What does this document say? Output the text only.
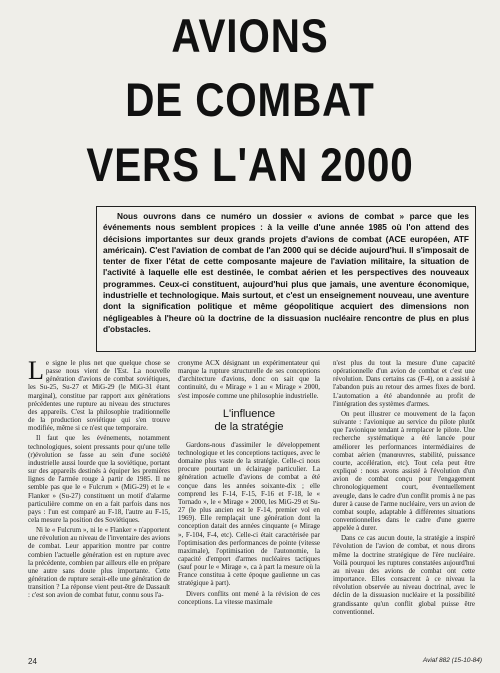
AVIONS
DE COMBAT
VERS L'AN 2000

Nous ouvrons dans ce numéro un dossier « avions de combat » parce que les événements nous semblent propices : à la veille d'une année 1985 où l'on attend des décisions importantes sur deux grands projets d'avions de combat (ACE européen, ATF américain). C'est l'aviation de combat de l'an 2000 qui se décide aujourd'hui. Il s'imposait de tenter de fixer l'état de cette composante majeure de l'aviation militaire, la situation de l'activité à laquelle elle est destinée, le combat aérien et les perspectives des nouveaux programmes. Ceux-ci constituent, aujourd'hui plus que jamais, une aventure économique, industrielle et technologique. Mais surtout, et c'est un enseignement nouveau, une aventure dont la signification politique et même géopolitique acquiert des dimensions non négligeables à l'heure où la doctrine de la dissuasion nucléaire rencontre de plus en plus d'obstacles.

Le signe le plus net que quelque chose se passe nous vient de l'Est. La nouvelle génération d'avions de combat soviétiques, les Su-25, Su-27 et MiG-29 (le MiG-31 étant marginal), constitue par rapport aux générations précédentes une rupture au niveau des structures des appareils. C'est la philosophie traditionnelle de la production soviétique qui s'en trouve modifiée, même si ce n'est que temporaire.

Il faut que les événements, notamment technologiques, soient pressants pour qu'une telle (r)évolution se fasse au sein d'une société industrielle aussi lourde que la soviétique, portant sur des appareils destinés à équiper les premières lignes de l'armée rouge à partir de 1985. Il ne semble pas que le « Fulcrum » (MiG-29) et le « Flanker » (Su-27) constituent un motif d'alarme particulière comme on en a fait parfois dans nos pays : l'un est comparé au F-18, l'autre au F-15, cela mesure la position des Soviétiques.

Ni le « Fulcrum », ni le « Flanker » n'apportent une révolution au niveau de l'inventaire des avions de combat. Leur apparition montre par contre combien l'actuelle génération est en rupture avec la précédente, combien par ailleurs elle en prépare une autre sans doute plus importante. Cette génération de rupture serait-elle une génération de transition ? La réponse vient peut-être de Dassault : c'est son avion de combat futur, connu sous l'a-

cronyme ACX désignant un expérimentateur qui marque la rupture structurelle de ses conceptions d'architecture d'avions, donc on sait que la continuité, du « Mirage » 1 au « Mirage » 2000, s'est imposée comme une philosophie industrielle.

L'influence
de la stratégie

Gardons-nous d'assimiler le développement technologique et les conceptions tactiques, avec le domaine plus vaste de la stratégie. Celle-ci nous procure pourtant un éclairage particulier. La génération actuelle d'avions de combat a été conçue dans les années soixante-dix ; elle comprend les F-14, F-15, F-16 et F-18, le « Tornado », le « Mirage » 2000, les MiG-29 et Su-27 (le plus ancien est le F-14, premier vol en 1969). Elle remplaçait une génération dont la conception datait des années cinquante (« Mirage », F-104, F-4, etc). Celle-ci était caractérisée par l'optimisation des performances de pointe (vitesse maximale), l'optimisation de l'autonomie, la capacité d'emport d'armes nucléaires tactiques (sauf pour le « Mirage », ca à part la mesure où la France constitua à cette époque gaulienne un cas stratégique à part).

Divers conflits ont mené à la révision de ces conceptions. La vitesse maximale

n'est plus du tout la mesure d'une capacité opérationnelle d'un avion de combat et c'est une révolution. Dans certains cas (F-4), on a assisté à l'abandon puis au retour des armes fixes de bord. L'automation a été abandonnée au profit de l'intégration des systèmes d'armes.

On peut illustrer ce mouvement de la façon suivante : l'avionique au service du pilote plutôt que l'avionique tendant à remplacer le pilote. Une recherche systématique a été lancée pour améliorer les performances intermédiaires de combat aérien (manœuvres, stabilité, puissance courte, accélération, etc). Tout cela peut être expliqué : nous avons assisté à l'évolution d'un avion de combat conçu pour l'engagement chronologiquement court, éventuellement aveugle, dans le cadre d'un conflit promis à ne pas durer à cause de l'arme nucléaire, vers un avion de combat souple, adaptable à différentes situations conventionnelles dans le cadre d'une guerre appelée à durer.

Dans ce cas aucun doute, la stratégie a inspiré l'évolution de l'avion de combat, et nous dirons même la doctrine stratégique de l'ère nucléaire. Voilà pourquoi les ruptures constatées aujourd'hui au niveau des avions de combat ont cette importance. Elles consacrent à ce niveau la révolution observée au niveau doctrinal, avec le déclin de la dissuasion nucléaire et la possibilité grandissante qu'un conflit global puisse être conventionnel.

24	Aviaf 882 (15-10-84)
